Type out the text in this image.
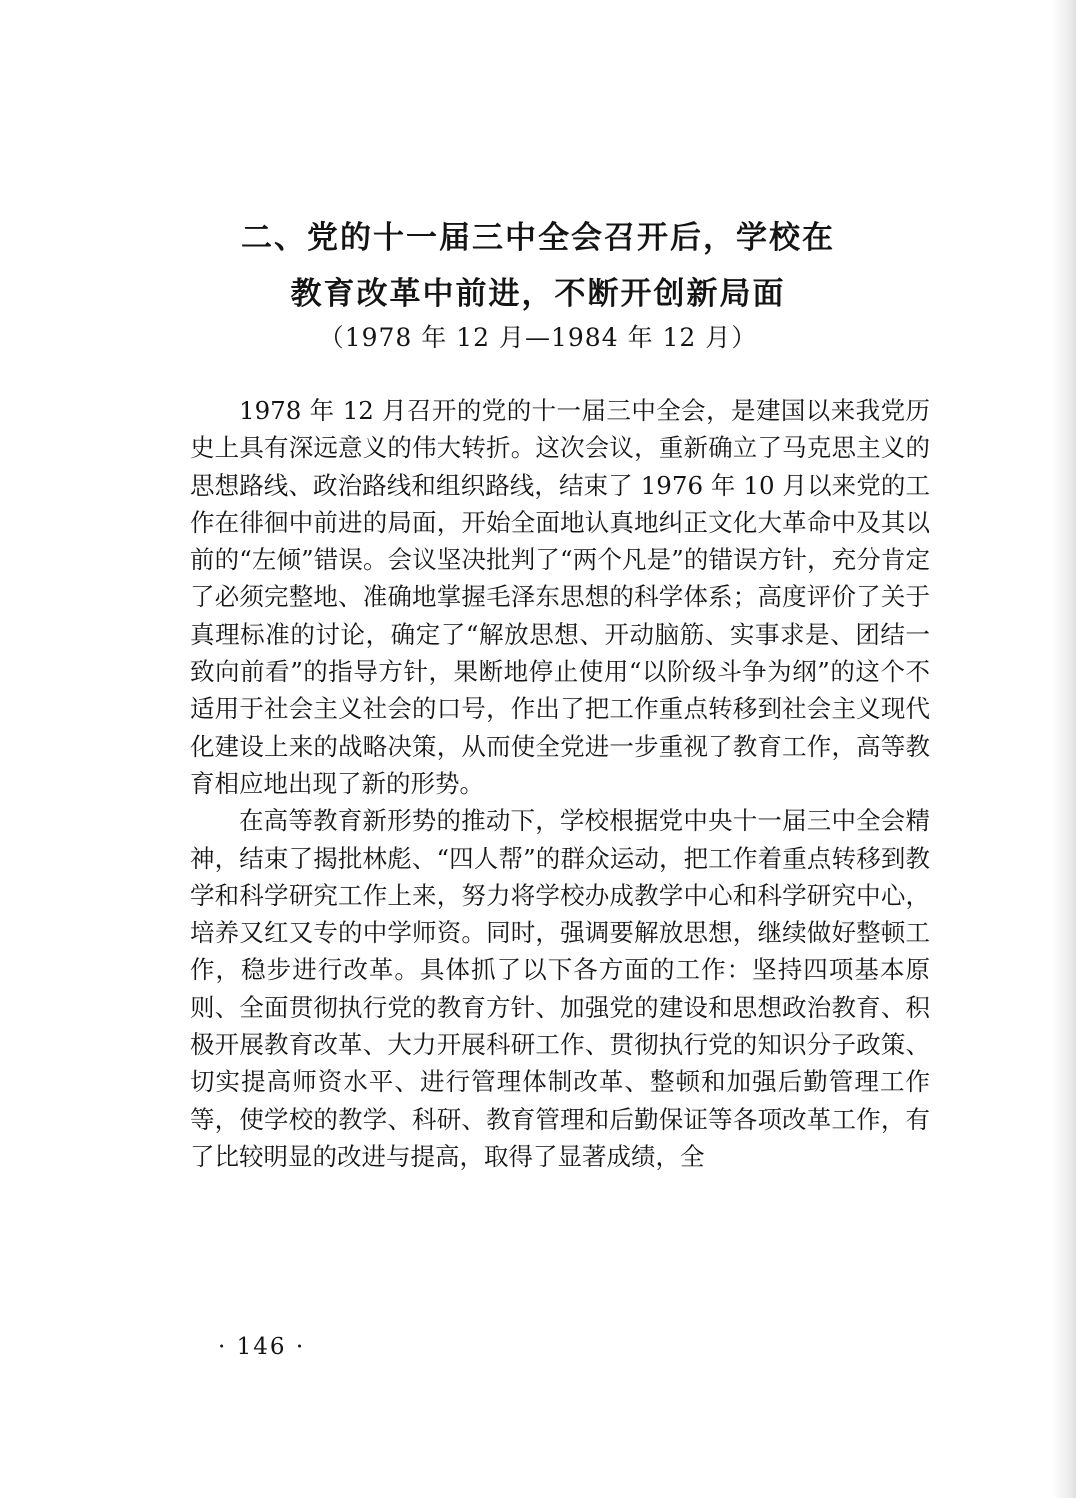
二、党的十一届三中全会召开后，学校在
教育改革中前进，不断开创新局面
（1978 年 12 月—1984 年 12 月）

1978 年 12 月召开的党的十一届三中全会，是建国以来我党历史上具有深远意义的伟大转折。这次会议，重新确立了马克思主义的思想路线、政治路线和组织路线，结束了 1976 年 10 月以来党的工作在徘徊中前进的局面，开始全面地认真地纠正文化大革命中及其以前的“左倾”错误。会议坚决批判了“两个凡是”的错误方针，充分肯定了必须完整地、准确地掌握毛泽东思想的科学体系；高度评价了关于真理标准的讨论，确定了“解放思想、开动脑筋、实事求是、团结一致向前看”的指导方针，果断地停止使用“以阶级斗争为纲”的这个不适用于社会主义社会的口号，作出了把工作重点转移到社会主义现代化建设上来的战略决策，从而使全党进一步重视了教育工作，高等教育相应地出现了新的形势。

在高等教育新形势的推动下，学校根据党中央十一届三中全会精神，结束了揭批林彪、“四人帮”的群众运动，把工作着重点转移到教学和科学研究工作上来，努力将学校办成教学中心和科学研究中心，培养又红又专的中学师资。同时，强调要解放思想，继续做好整顿工作，稳步进行改革。具体抓了以下各方面的工作：坚持四项基本原则、全面贯彻执行党的教育方针、加强党的建设和思想政治教育、积极开展教育改革、大力开展科研工作、贯彻执行党的知识分子政策、切实提高师资水平、进行管理体制改革、整顿和加强后勤管理工作等，使学校的教学、科研、教育管理和后勤保证等各项改革工作，有了比较明显的改进与提高，取得了显著成绩，全

· 146 ·
